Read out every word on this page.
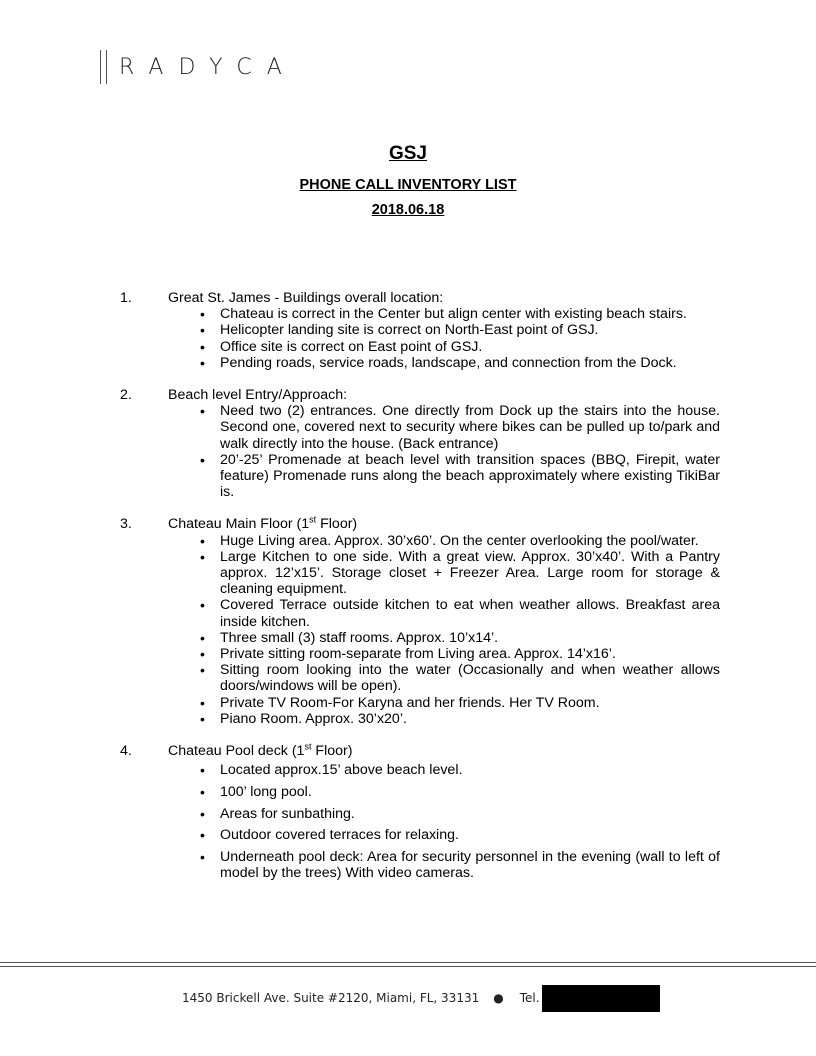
RADYCA
GSJ
PHONE CALL INVENTORY LIST
2018.06.18
1.	Great St. James - Buildings overall location:
• Chateau is correct in the Center but align center with existing beach stairs.
• Helicopter landing site is correct on North-East point of GSJ.
• Office site is correct on East point of GSJ.
• Pending roads, service roads, landscape, and connection from the Dock.
2.	Beach level Entry/Approach:
• Need two (2) entrances. One directly from Dock up the stairs into the house. Second one, covered next to security where bikes can be pulled up to/park and walk directly into the house. (Back entrance)
• 20’-25’ Promenade at beach level with transition spaces (BBQ, Firepit, water feature) Promenade runs along the beach approximately where existing TikiBar is.
3.	Chateau Main Floor (1st Floor)
• Huge Living area. Approx. 30’x60’. On the center overlooking the pool/water.
• Large Kitchen to one side. With a great view. Approx. 30’x40’. With a Pantry approx. 12’x15’. Storage closet + Freezer Area. Large room for storage & cleaning equipment.
• Covered Terrace outside kitchen to eat when weather allows. Breakfast area inside kitchen.
• Three small (3) staff rooms. Approx. 10’x14’.
• Private sitting room-separate from Living area. Approx. 14’x16’.
• Sitting room looking into the water (Occasionally and when weather allows doors/windows will be open).
• Private TV Room-For Karyna and her friends. Her TV Room.
• Piano Room. Approx. 30’x20’.
4.	Chateau Pool deck (1st Floor)
• Located approx.15’ above beach level.
• 100’ long pool.
• Areas for sunbathing.
• Outdoor covered terraces for relaxing.
• Underneath pool deck: Area for security personnel in the evening (wall to left of model by the trees) With video cameras.
1450 Brickell Ave. Suite #2120, Miami, FL, 33131 ● Tel.
